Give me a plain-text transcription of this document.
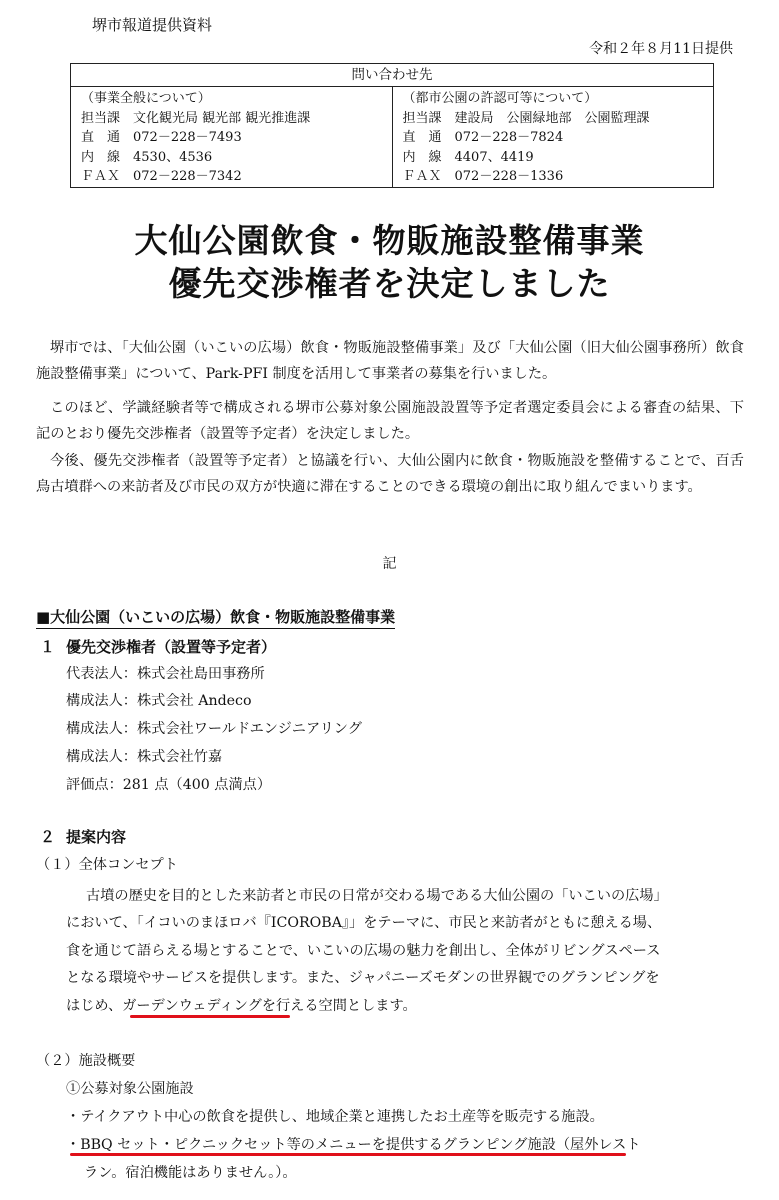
堺市報道提供資料
令和２年８月11日提供
問い合わせ先
（事業全般について）
担当課　文化観光局 観光部 観光推進課
直　通　072－228－7493
内　線　4530、4536
ＦＡＸ　072－228－7342
（都市公園の許認可等について）
担当課　建設局　公園緑地部　公園監理課
直　通　072－228－7824
内　線　4407、4419
ＦＡＸ　072－228－1336
大仙公園飲食・物販施設整備事業
優先交渉権者を決定しました
堺市では、「大仙公園（いこいの広場）飲食・物販施設整備事業」及び「大仙公園（旧大仙公園事務所）飲食施設整備事業」について、Park-PFI 制度を活用して事業者の募集を行いました。
このほど、学識経験者等で構成される堺市公募対象公園施設設置等予定者選定委員会による審査の結果、下記のとおり優先交渉権者（設置等予定者）を決定しました。
今後、優先交渉権者（設置等予定者）と協議を行い、大仙公園内に飲食・物販施設を整備することで、百舌鳥古墳群への来訪者及び市民の双方が快適に滞在することのできる環境の創出に取り組んでまいります。
記
■大仙公園（いこいの広場）飲食・物販施設整備事業
１ 優先交渉権者（設置等予定者）
代表法人：株式会社島田事務所
構成法人：株式会社 Andeco
構成法人：株式会社ワールドエンジニアリング
構成法人：株式会社竹嘉
評価点：281 点（400 点満点）
２ 提案内容
（１）全体コンセプト
古墳の歴史を目的とした来訪者と市民の日常が交わる場である大仙公園の「いこいの広場」
において、「イコいのまほロバ『ICOROBA』」をテーマに、市民と来訪者がともに憩える場、
食を通じて語らえる場とすることで、いこいの広場の魅力を創出し、全体がリビングスペース
となる環境やサービスを提供します。また、ジャパニーズモダンの世界観でのグランピングを
はじめ、ガーデンウェディングを行える空間とします。
（２）施設概要
①公募対象公園施設
・テイクアウト中心の飲食を提供し、地域企業と連携したお土産等を販売する施設。
・BBQ セット・ピクニックセット等のメニューを提供するグランピング施設（屋外レスト
ラン。宿泊機能はありません。）。
